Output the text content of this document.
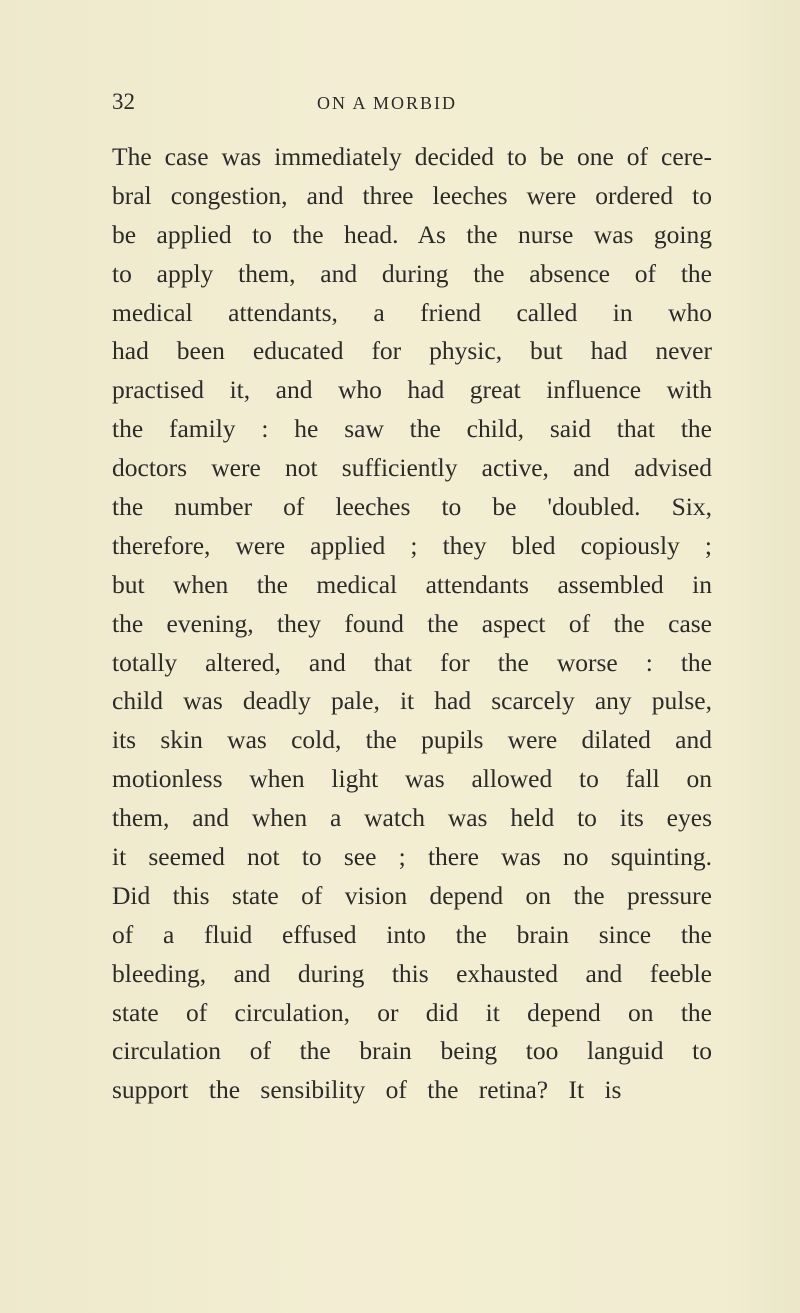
32	ON A MORBID
The case was immediately decided to be one of cere-
bral congestion, and three leeches were ordered to
be applied to the head. As the nurse was going
to apply them, and during the absence of the
medical attendants, a friend called in who
had been educated for physic, but had never
practised it, and who had great influence with
the family : he saw the child, said that the
doctors were not sufficiently active, and advised
the number of leeches to be 'doubled. Six,
therefore, were applied ; they bled copiously ;
but when the medical attendants assembled in
the evening, they found the aspect of the case
totally altered, and that for the worse : the
child was deadly pale, it had scarcely any pulse,
its skin was cold, the pupils were dilated and
motionless when light was allowed to fall on
them, and when a watch was held to its eyes
it seemed not to see ; there was no squinting.
Did this state of vision depend on the pressure
of a fluid effused into the brain since the
bleeding, and during this exhausted and feeble
state of circulation, or did it depend on the
circulation of the brain being too languid to
support the sensibility of the retina? It is
